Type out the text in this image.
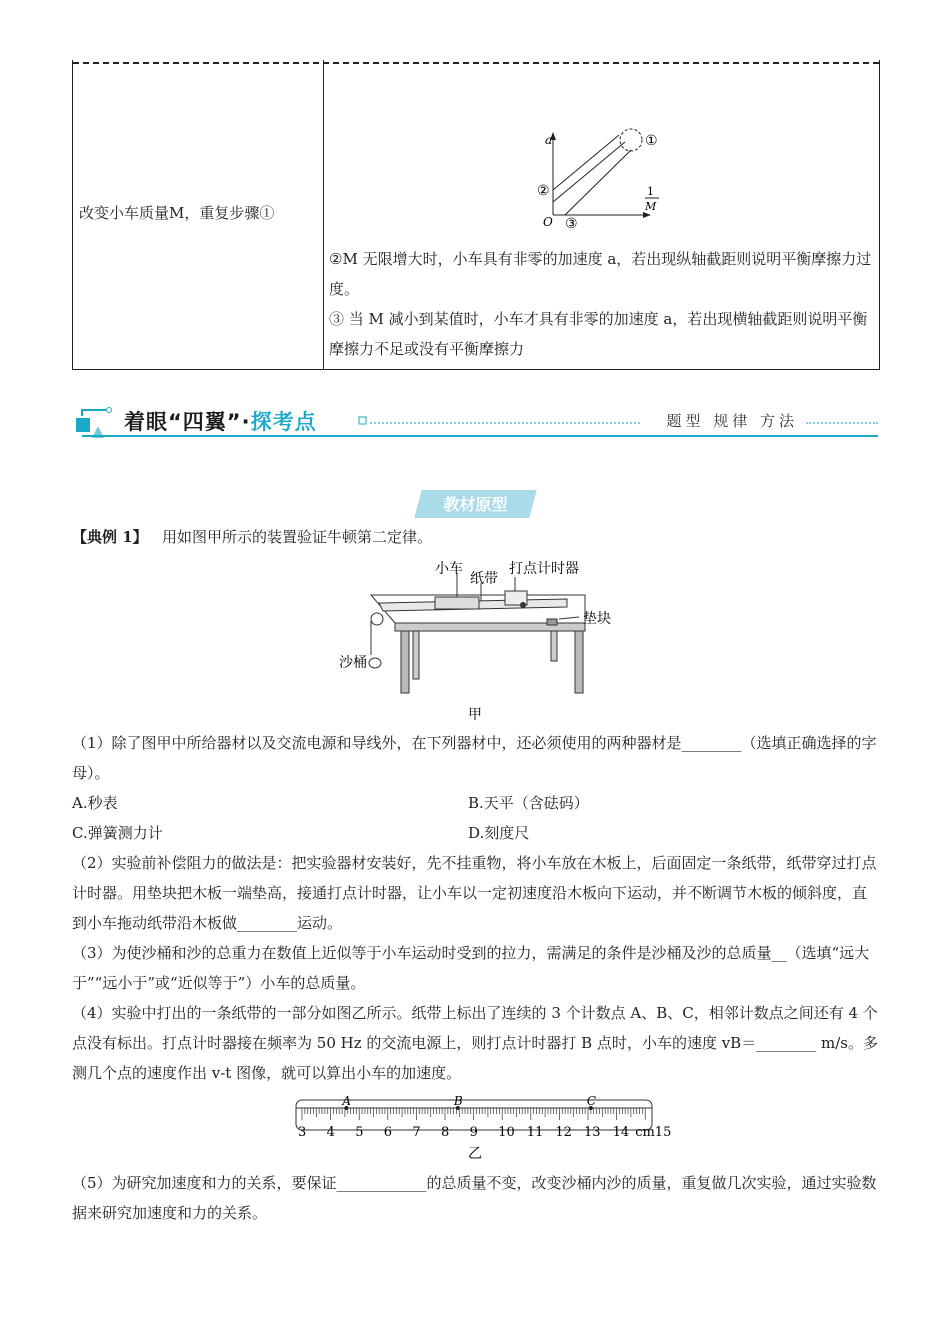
改变小车质量M，重复步骤①
a
O
1
M
①
②
③
②M 无限增大时，小车具有非零的加速度 a，若出现纵轴截距则说明平衡摩擦力过度。
③ 当 M 减小到某值时，小车才具有非零的加速度 a，若出现横轴截距则说明平衡摩擦力不足或没有平衡摩擦力
着眼“四翼”·探考点	题型 规律 方法
教材原型
【典例 1】 用如图甲所示的装置验证牛顿第二定律。
小车
纸带
打点计时器
垫块
沙桶
甲
（1）除了图甲中所给器材以及交流电源和导线外，在下列器材中，还必须使用的两种器材是________（选填正确选择的字母）。
A.秒表	B.天平（含砝码）
C.弹簧测力计	D.刻度尺
（2）实验前补偿阻力的做法是：把实验器材安装好，先不挂重物，将小车放在木板上，后面固定一条纸带，纸带穿过打点计时器。用垫块把木板一端垫高，接通打点计时器，让小车以一定初速度沿木板向下运动，并不断调节木板的倾斜度，直到小车拖动纸带沿木板做________运动。
（3）为使沙桶和沙的总重力在数值上近似等于小车运动时受到的拉力，需满足的条件是沙桶及沙的总质量__（选填“远大于”“远小于”或“近似等于”）小车的总质量。
（4）实验中打出的一条纸带的一部分如图乙所示。纸带上标出了连续的 3 个计数点 A、B、C，相邻计数点之间还有 4 个点没有标出。打点计时器接在频率为 50 Hz 的交流电源上，则打点计时器打 B 点时，小车的速度 vB＝________ m/s。多测几个点的速度作出 v-t 图像，就可以算出小车的加速度。
3 4 5 6 7 8 9 10 11 12 13 14 cm15
A	B	C
乙
（5）为研究加速度和力的关系，要保证____________的总质量不变，改变沙桶内沙的质量，重复做几次实验，通过实验数据来研究加速度和力的关系。
